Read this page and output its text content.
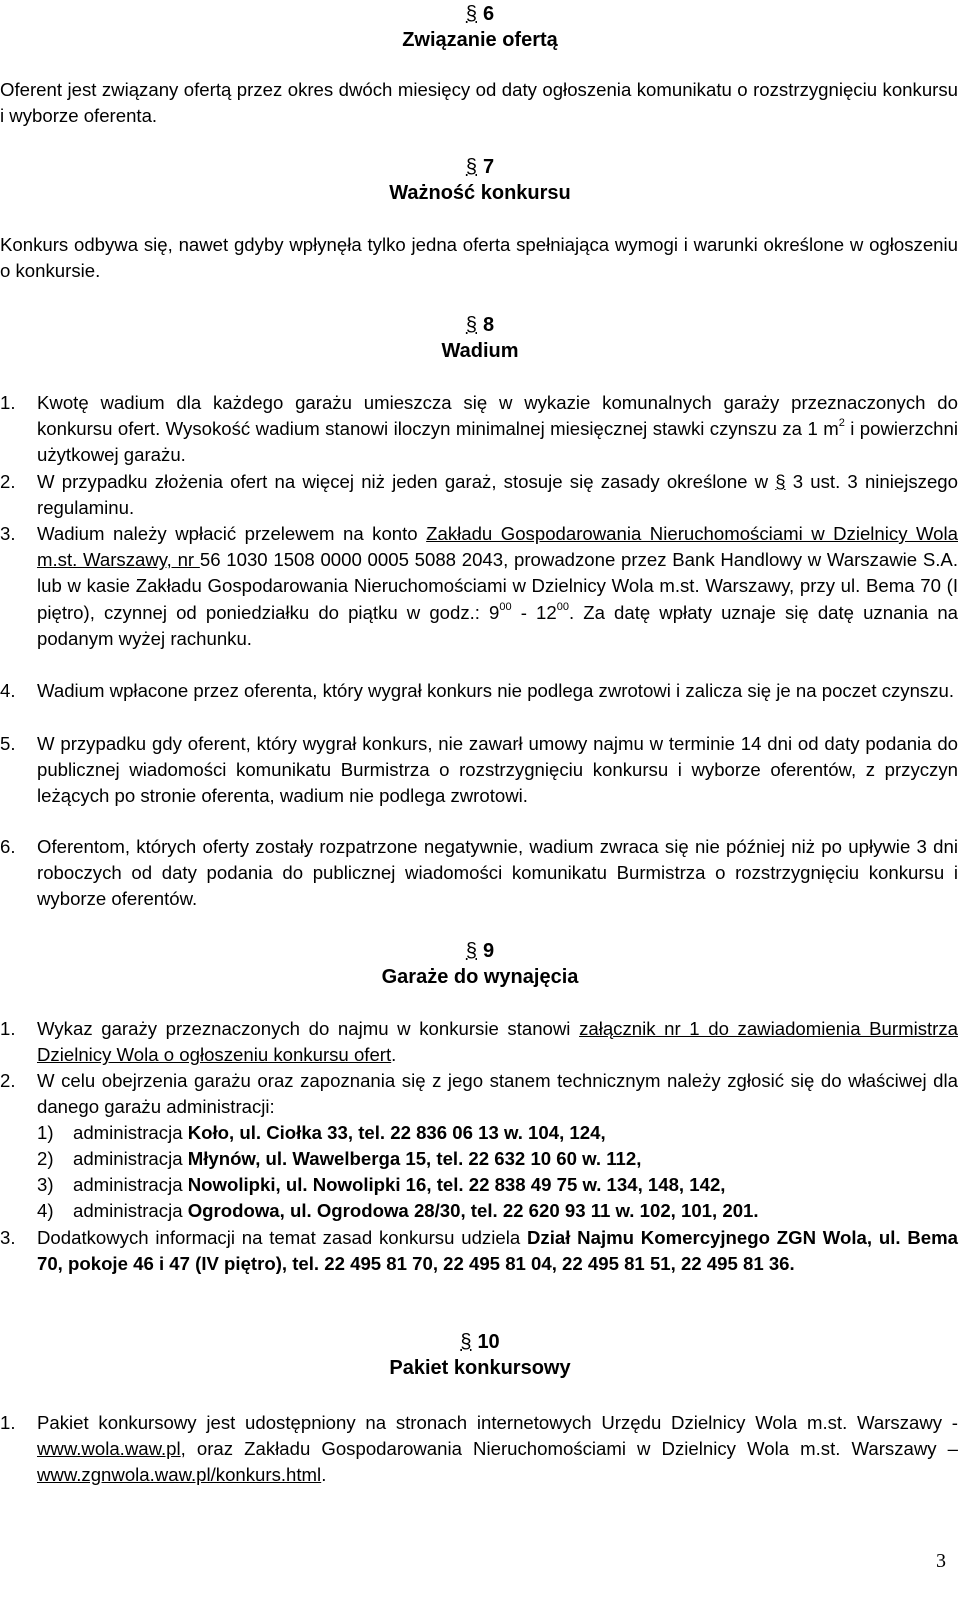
§ 6
Związanie ofertą
Oferent jest związany ofertą przez okres dwóch miesięcy od daty ogłoszenia komunikatu o rozstrzygnięciu konkursu i wyborze oferenta.
§ 7
Ważność konkursu
Konkurs odbywa się, nawet gdyby wpłynęła tylko jedna oferta spełniająca wymogi i warunki określone w ogłoszeniu o konkursie.
§ 8
Wadium
1. Kwotę wadium dla każdego garażu umieszcza się w wykazie komunalnych garaży przeznaczonych do konkursu ofert. Wysokość wadium stanowi iloczyn minimalnej miesięcznej stawki czynszu za 1 $m^2$ i powierzchni użytkowej garażu.
2. W przypadku złożenia ofert na więcej niż jeden garaż, stosuje się zasady określone w § 3 ust. 3 niniejszego regulaminu.
3. Wadium należy wpłacić przelewem na konto Zakładu Gospodarowania Nieruchomościami w Dzielnicy Wola m.st. Warszawy, nr 56 1030 1508 0000 0005 5088 2043, prowadzone przez Bank Handlowy w Warszawie S.A. lub w kasie Zakładu Gospodarowania Nieruchomościami w Dzielnicy Wola m.st. Warszawy, przy ul. Bema 70 (I piętro), czynnej od poniedziałku do piątku w godz.: $9^{00} - 12^{00}$. Za datę wpłaty uznaje się datę uznania na podanym wyżej rachunku.
4. Wadium wpłacone przez oferenta, który wygrał konkurs nie podlega zwrotowi i zalicza się je na poczet czynszu.
5. W przypadku gdy oferent, który wygrał konkurs, nie zawarł umowy najmu w terminie 14 dni od daty podania do publicznej wiadomości komunikatu Burmistrza o rozstrzygnięciu konkursu i wyborze oferentów, z przyczyn leżących po stronie oferenta, wadium nie podlega zwrotowi.
6. Oferentom, których oferty zostały rozpatrzone negatywnie, wadium zwraca się nie później niż po upływie 3 dni roboczych od daty podania do publicznej wiadomości komunikatu Burmistrza o rozstrzygnięciu konkursu i wyborze oferentów.
§ 9
Garaże do wynajęcia
1. Wykaz garaży przeznaczonych do najmu w konkursie stanowi załącznik nr 1 do zawiadomienia Burmistrza Dzielnicy Wola o ogłoszeniu konkursu ofert.
2. W celu obejrzenia garażu oraz zapoznania się z jego stanem technicznym należy zgłosić się do właściwej dla danego garażu administracji:
1) administracja Koło, ul. Ciołka 33, tel. 22 836 06 13 w. 104, 124,
2) administracja Młynów, ul. Wawelberga 15, tel. 22 632 10 60 w. 112,
3) administracja Nowolipki, ul. Nowolipki 16, tel. 22 838 49 75 w. 134, 148, 142,
4) administracja Ogrodowa, ul. Ogrodowa 28/30, tel. 22 620 93 11 w. 102, 101, 201.
3. Dodatkowych informacji na temat zasad konkursu udziela Dział Najmu Komercyjnego ZGN Wola, ul. Bema 70, pokoje 46 i 47 (IV piętro), tel. 22 495 81 70, 22 495 81 04, 22 495 81 51, 22 495 81 36.
§ 10
Pakiet konkursowy
1. Pakiet konkursowy jest udostępniony na stronach internetowych Urzędu Dzielnicy Wola m.st. Warszawy - www.wola.waw.pl, oraz Zakładu Gospodarowania Nieruchomościami w Dzielnicy Wola m.st. Warszawy – www.zgnwola.waw.pl/konkurs.html.
3
